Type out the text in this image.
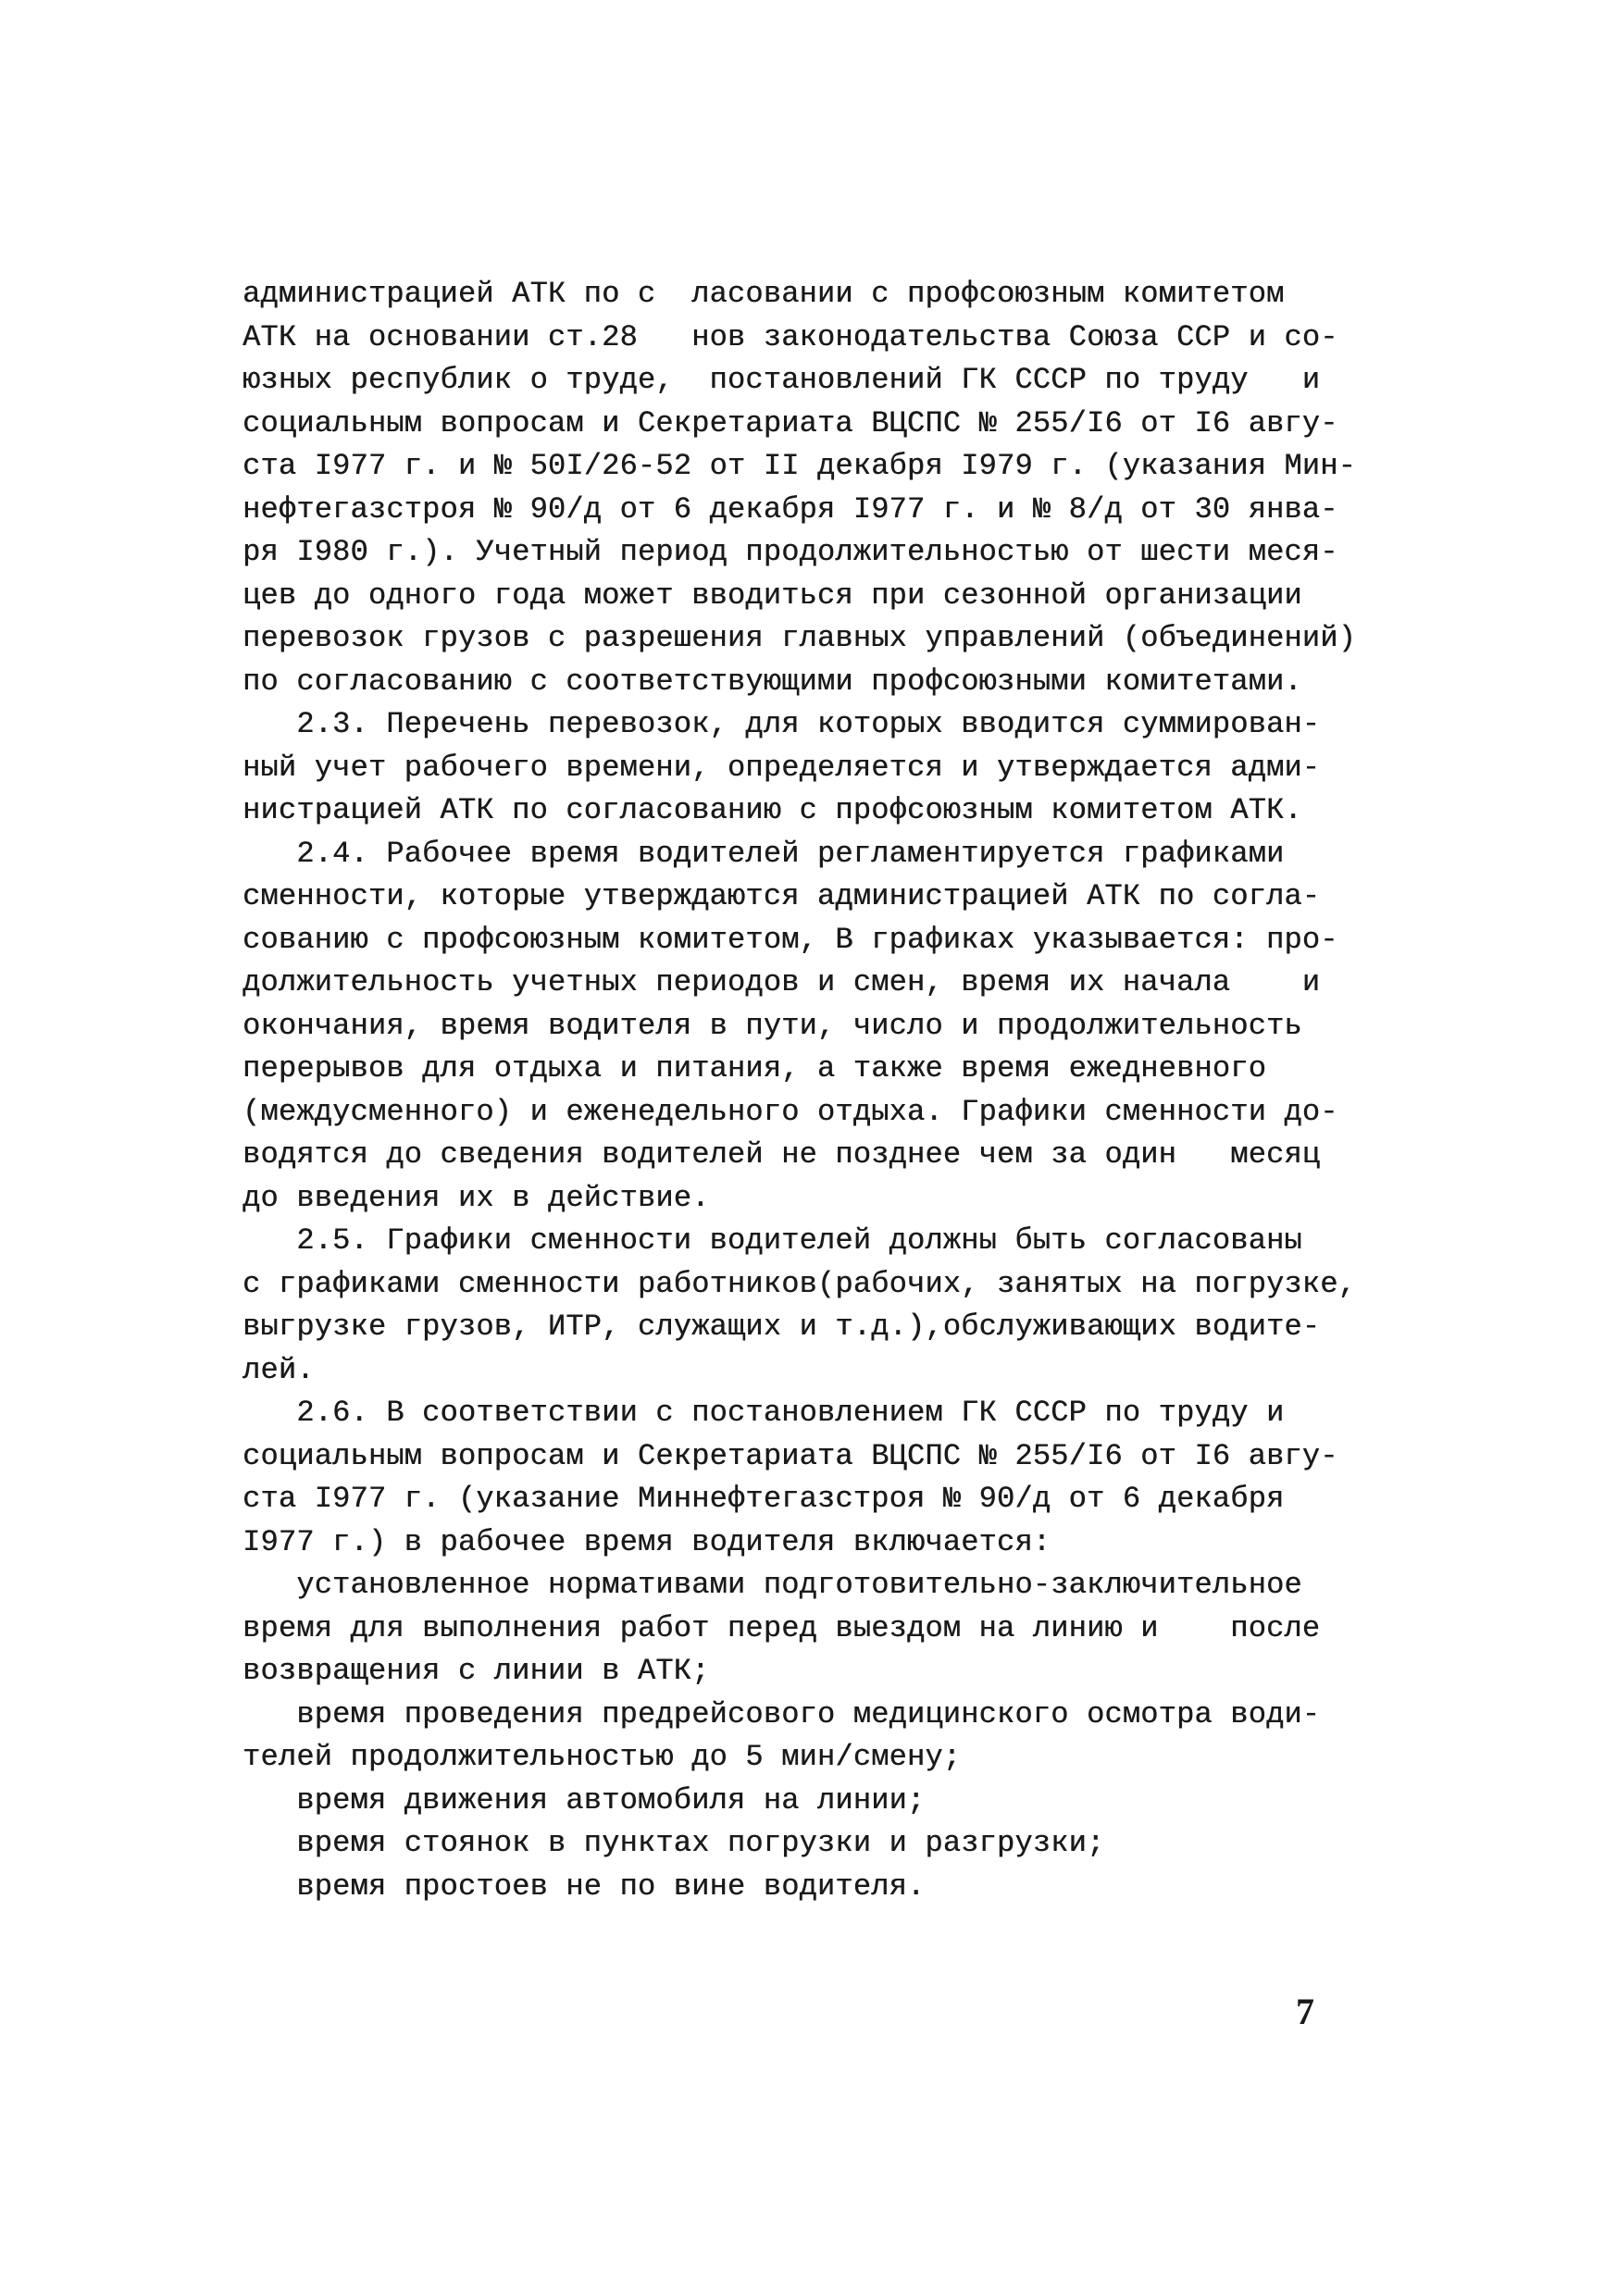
администрацией АТК по с  ласовании с профсоюзным комитетом
АТК на основании ст.28   нов законодательства Союза ССР и со-
юзных республик о труде,  постановлений ГК СССР по труду   и
социальным вопросам и Секретариата ВЦСПС № 255/I6 от I6 авгу-
ста I977 г. и № 50I/26-52 от II декабря I979 г. (указания Мин-
нефтегазстроя № 90/д от 6 декабря I977 г. и № 8/д от 30 янва-
ря I980 г.). Учетный период продолжительностью от шести меся-
цев до одного года может вводиться при сезонной организации
перевозок грузов с разрешения главных управлений (объединений)
по согласованию с соответствующими профсоюзными комитетами.
2.3. Перечень перевозок, для которых вводится суммирован-
ный учет рабочего времени, определяется и утверждается адми-
нистрацией АТК по согласованию с профсоюзным комитетом АТК.
2.4. Рабочее время водителей регламентируется графиками
сменности, которые утверждаются администрацией АТК по согла-
сованию с профсоюзным комитетом, В графиках указывается: про-
должительность учетных периодов и смен, время их начала    и
окончания, время водителя в пути, число и продолжительность
перерывов для отдыха и питания, а также время ежедневного
(междусменного) и еженедельного отдыха. Графики сменности до-
водятся до сведения водителей не позднее чем за один   месяц
до введения их в действие.
2.5. Графики сменности водителей должны быть согласованы
с графиками сменности работников(рабочих, занятых на погрузке,
выгрузке грузов, ИТР, служащих и т.д.),обслуживающих водите-
лей.
2.6. В соответствии с постановлением ГК СССР по труду и
социальным вопросам и Секретариата ВЦСПС № 255/I6 от I6 авгу-
ста I977 г. (указание Миннефтегазстроя № 90/д от 6 декабря
I977 г.) в рабочее время водителя включается:
установленное нормативами подготовительно-заключительное
время для выполнения работ перед выездом на линию и    после
возвращения с линии в АТК;
время проведения предрейсового медицинского осмотра води-
телей продолжительностью до 5 мин/смену;
время движения автомобиля на линии;
время стоянок в пунктах погрузки и разгрузки;
время простоев не по вине водителя.
7
